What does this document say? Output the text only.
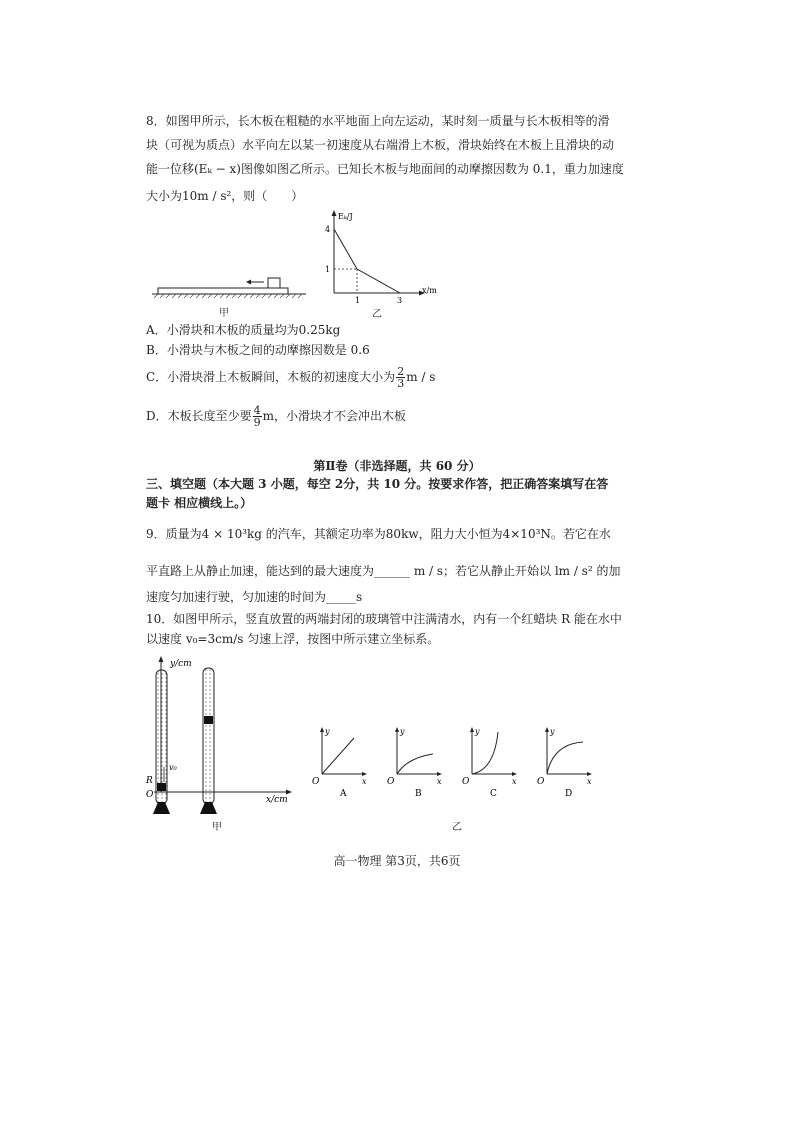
8．如图甲所示，长木板在粗糙的水平地面上向左运动，某时刻一质量与长木板相等的滑
块（可视为质点）水平向左以某一初速度从右端滑上木板，滑块始终在木板上且滑块的动
能一位移(Eₖ − x)图像如图乙所示。已知长木板与地面间的动摩擦因数为 0.1，重力加速度
大小为10m / s²，则（　　）
甲
Eₖ/J
x/m
4
1
1	3
乙
A．小滑块和木板的质量均为0.25kg
B．小滑块与木板之间的动摩擦因数是 0.6
C．小滑块滑上木板瞬间，木板的初速度大小为 $\frac{2}{3}$ m / s
D．木板长度至少要 $\frac{4}{9}$ m，小滑块才不会冲出木板
第Ⅱ卷（非选择题，共 60 分）
三、填空题（本大题 3 小题，每空 2分，共 10 分。按要求作答，把正确答案填写在答
题卡 相应横线上。）
9．质量为4 × 10³kg 的汽车，其额定功率为80kw，阻力大小恒为4×10³N。若它在水
平直路上从静止加速，能达到的最大速度为______ m / s；若它从静止开始以 lm / s² 的加
速度匀加速行驶，匀加速的时间为_____s
10．如图甲所示，竖直放置的两端封闭的玻璃管中注满清水，内有一个红蜡块 R 能在水中
以速度 v₀=3cm/s 匀速上浮，按图中所示建立坐标系。
v₀
y/cm
x/cm
O
R
甲
y
x
O
A
y
x
O
B
y
x
O
C
y
x
O
D
乙
高一物理 第3页，共6页
